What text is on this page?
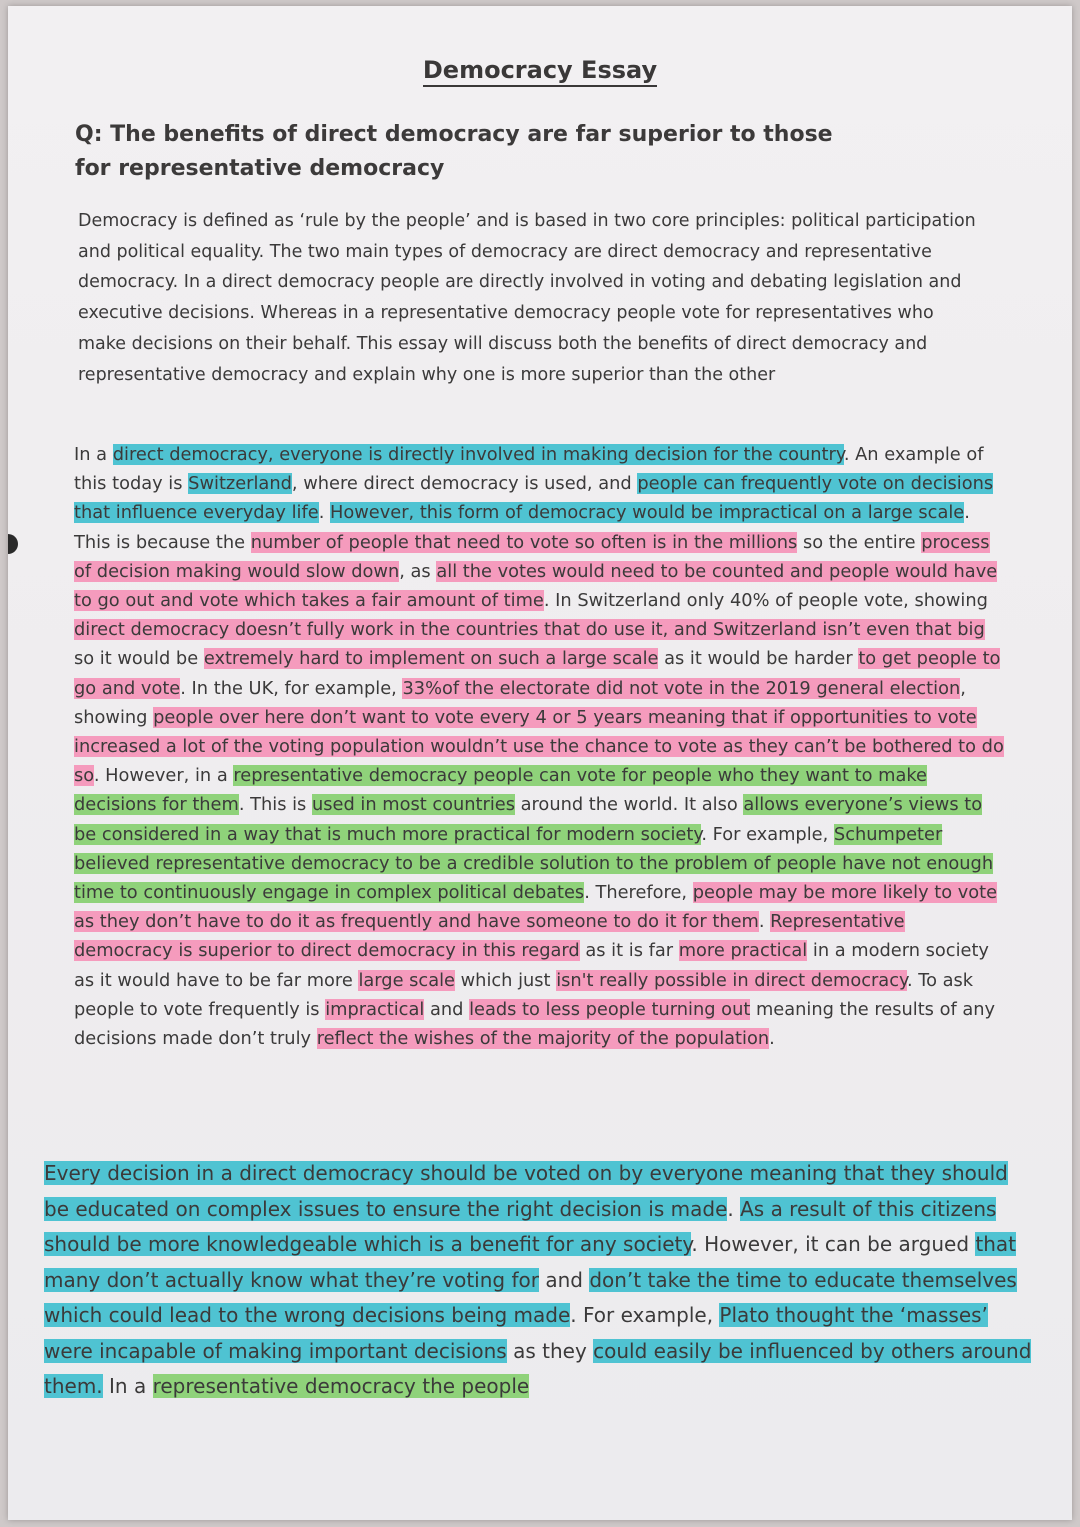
Democracy Essay

Q: The benefits of direct democracy are far superior to those for representative democracy

Democracy is defined as ‘rule by the people’ and is based in two core principles: political participation and political equality. The two main types of democracy are direct democracy and representative democracy. In a direct democracy people are directly involved in voting and debating legislation and executive decisions. Whereas in a representative democracy people vote for representatives who make decisions on their behalf. This essay will discuss both the benefits of direct democracy and representative democracy and explain why one is more superior than the other

In a direct democracy, everyone is directly involved in making decision for the country. An example of this today is Switzerland, where direct democracy is used, and people can frequently vote on decisions that influence everyday life. However, this form of democracy would be impractical on a large scale. This is because the number of people that need to vote so often is in the millions so the entire process of decision making would slow down, as all the votes would need to be counted and people would have to go out and vote which takes a fair amount of time. In Switzerland only 40% of people vote, showing direct democracy doesn’t fully work in the countries that do use it, and Switzerland isn’t even that big so it would be extremely hard to implement on such a large scale as it would be harder to get people to go and vote. In the UK, for example, 33%of the electorate did not vote in the 2019 general election, showing people over here don’t want to vote every 4 or 5 years meaning that if opportunities to vote increased a lot of the voting population wouldn’t use the chance to vote as they can’t be bothered to do so. However, in a representative democracy people can vote for people who they want to make decisions for them. This is used in most countries around the world. It also allows everyone’s views to be considered in a way that is much more practical for modern society. For example, Schumpeter believed representative democracy to be a credible solution to the problem of people have not enough time to continuously engage in complex political debates. Therefore, people may be more likely to vote as they don’t have to do it as frequently and have someone to do it for them. Representative democracy is superior to direct democracy in this regard as it is far more practical in a modern society as it would have to be far more large scale which just isn't really possible in direct democracy. To ask people to vote frequently is impractical and leads to less people turning out meaning the results of any decisions made don’t truly reflect the wishes of the majority of the population.

Every decision in a direct democracy should be voted on by everyone meaning that they should be educated on complex issues to ensure the right decision is made. As a result of this citizens should be more knowledgeable which is a benefit for any society. However, it can be argued that many don’t actually know what they’re voting for and don’t take the time to educate themselves which could lead to the wrong decisions being made. For example, Plato thought the ‘masses’ were incapable of making important decisions as they could easily be influenced by others around them. In a representative democracy the people
